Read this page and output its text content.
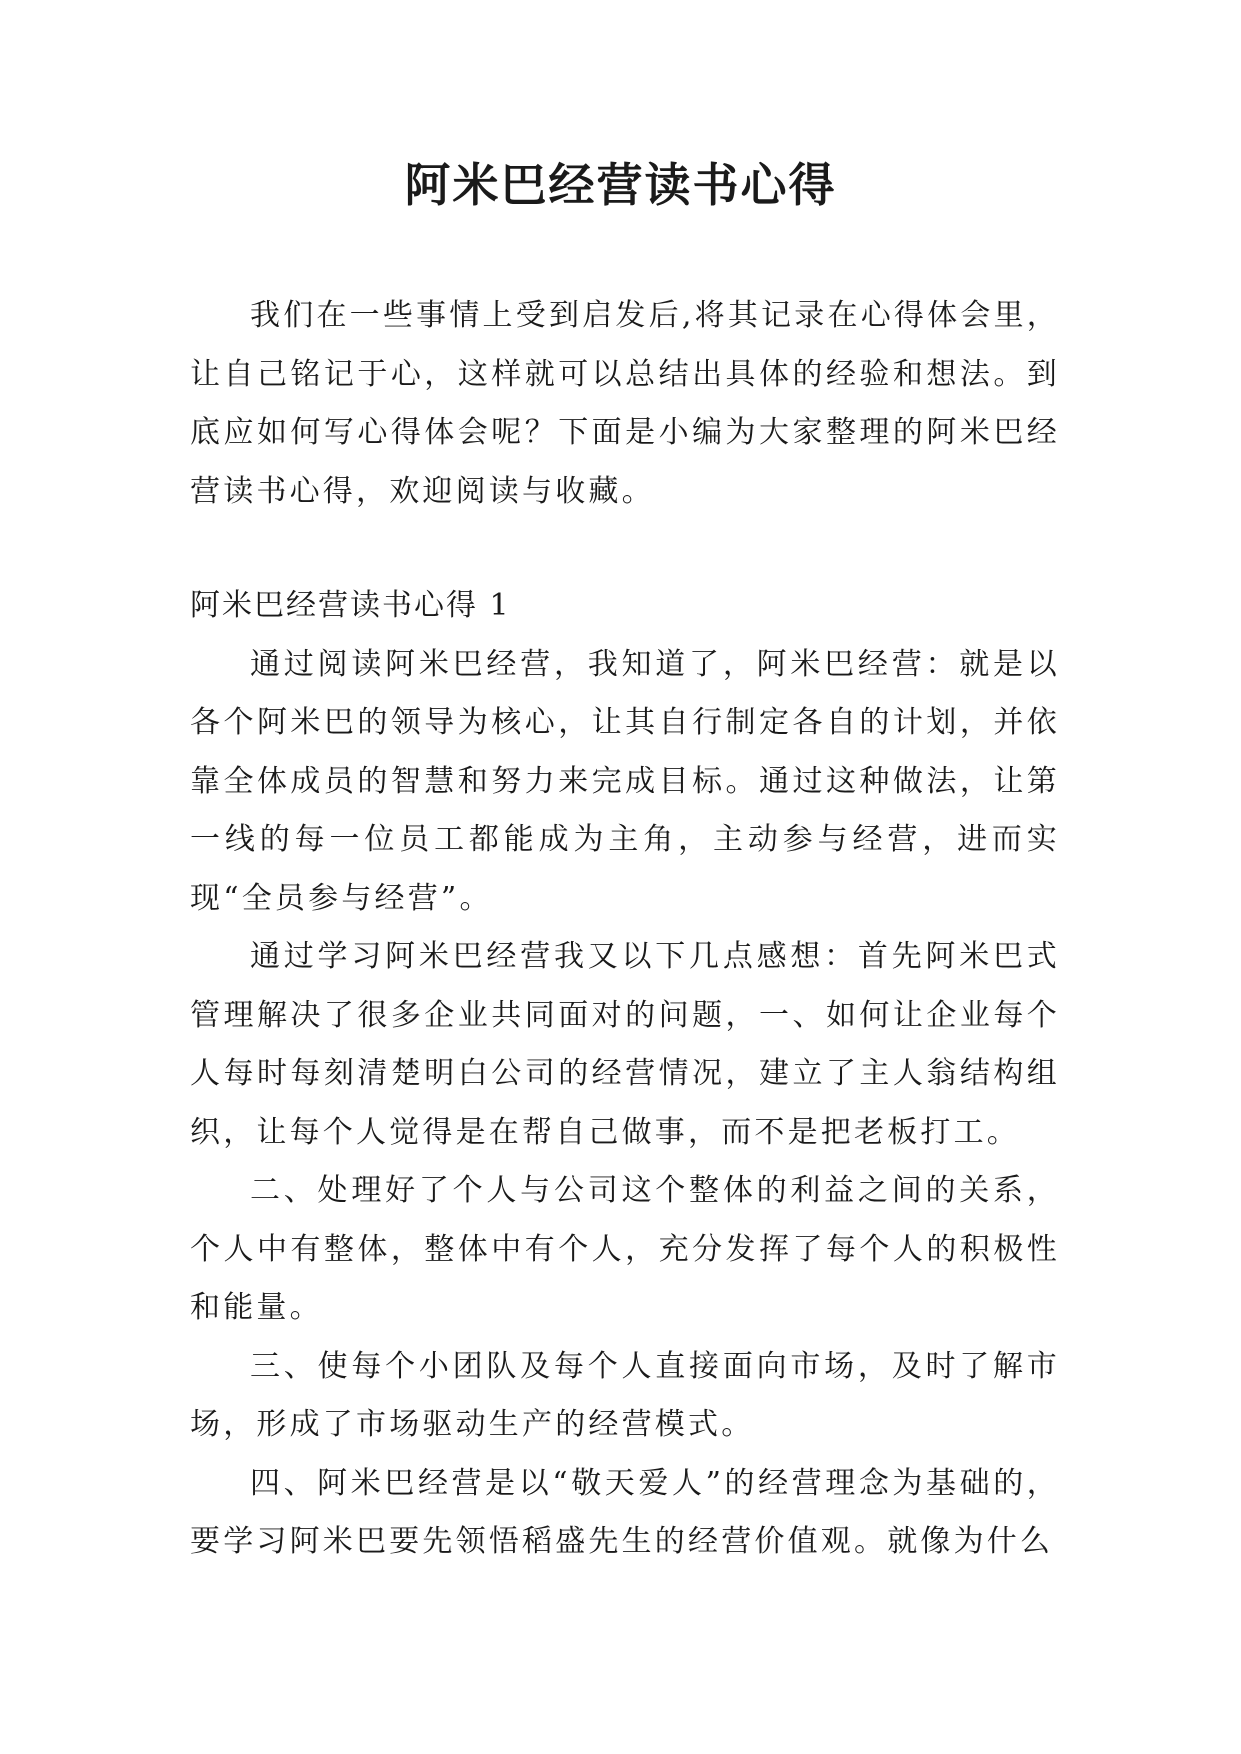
阿米巴经营读书心得

我们在一些事情上受到启发后,将其记录在心得体会里，让自己铭记于心，这样就可以总结出具体的经验和想法。到底应如何写心得体会呢？下面是小编为大家整理的阿米巴经营读书心得，欢迎阅读与收藏。

阿米巴经营读书心得 1

通过阅读阿米巴经营，我知道了，阿米巴经营：就是以各个阿米巴的领导为核心，让其自行制定各自的计划，并依靠全体成员的智慧和努力来完成目标。通过这种做法，让第一线的每一位员工都能成为主角，主动参与经营，进而实现“全员参与经营”。

通过学习阿米巴经营我又以下几点感想：首先阿米巴式管理解决了很多企业共同面对的问题，一、如何让企业每个人每时每刻清楚明白公司的经营情况，建立了主人翁结构组织，让每个人觉得是在帮自己做事，而不是把老板打工。

二、处理好了个人与公司这个整体的利益之间的关系，个人中有整体，整体中有个人，充分发挥了每个人的积极性和能量。

三、使每个小团队及每个人直接面向市场，及时了解市场，形成了市场驱动生产的经营模式。

四、阿米巴经营是以“敬天爱人”的经营理念为基础的，要学习阿米巴要先领悟稻盛先生的经营价值观。就像为什么
